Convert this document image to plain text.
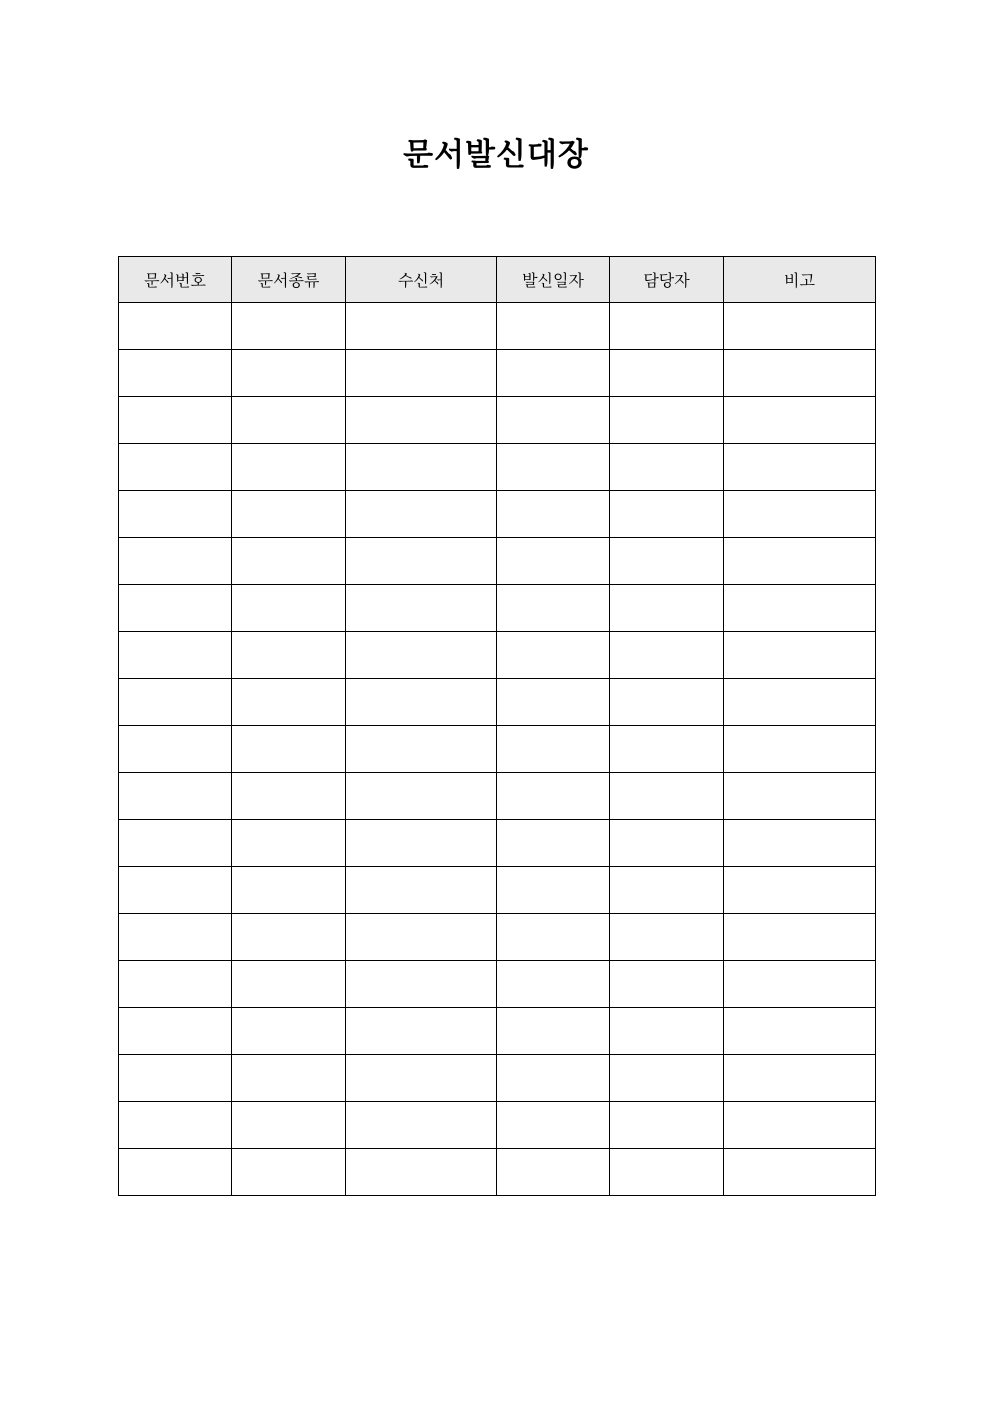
문서발신대장
문서번호	문서종류	수신처	발신일자	담당자	비고
